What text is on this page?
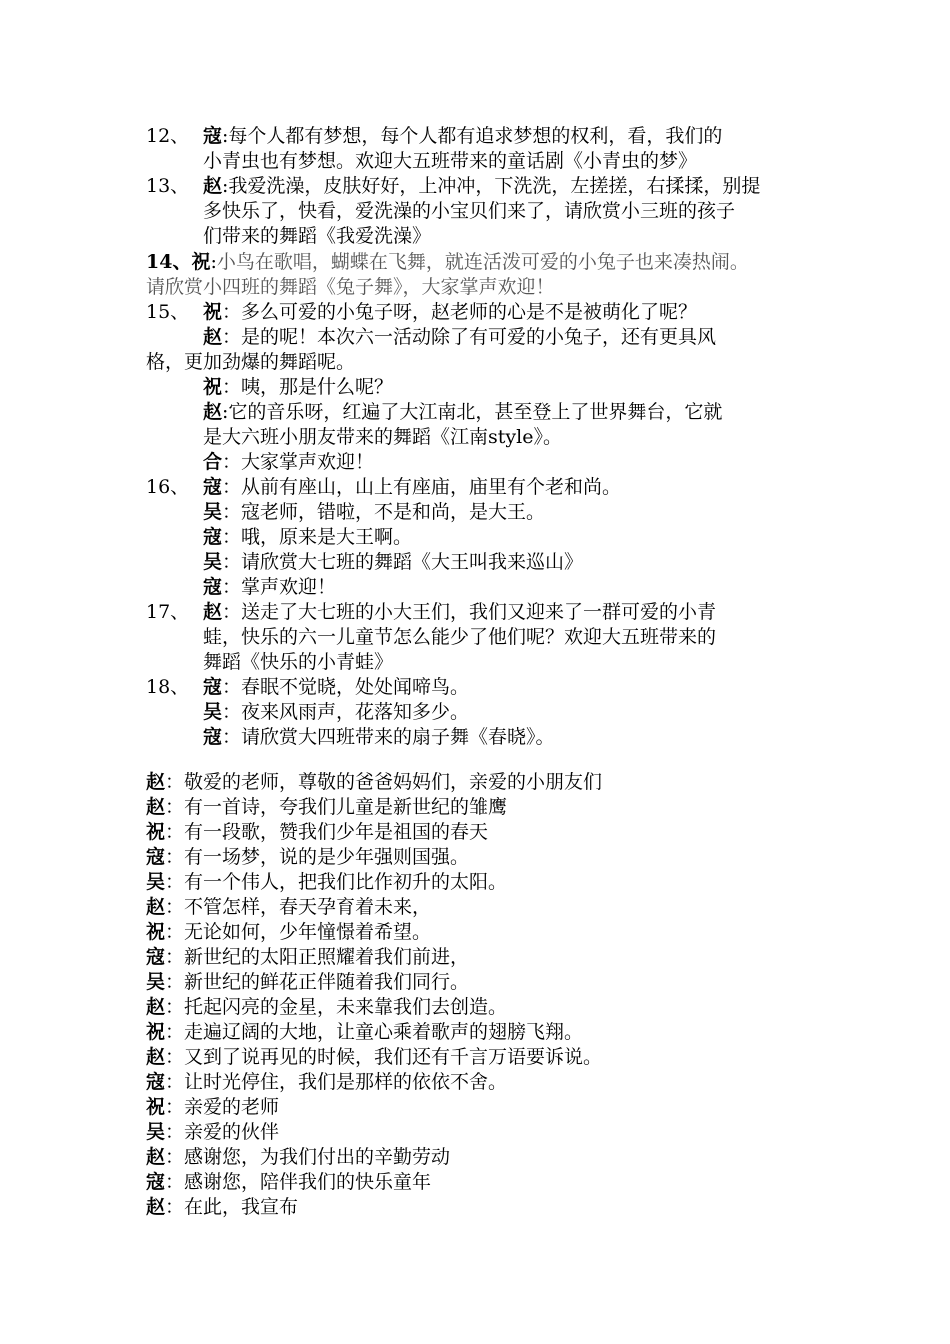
12、 寇:每个人都有梦想，每个人都有追求梦想的权利，看，我们的
小青虫也有梦想。欢迎大五班带来的童话剧《小青虫的梦》
13、 赵:我爱洗澡，皮肤好好，上冲冲，下洗洗，左搓搓，右揉揉，别提
多快乐了，快看，爱洗澡的小宝贝们来了，请欣赏小三班的孩子
们带来的舞蹈《我爱洗澡》
14、祝:小鸟在歌唱，蝴蝶在飞舞，就连活泼可爱的小兔子也来凑热闹。
请欣赏小四班的舞蹈《兔子舞》，大家掌声欢迎！
15、 祝：多么可爱的小兔子呀，赵老师的心是不是被萌化了呢？
赵：是的呢！本次六一活动除了有可爱的小兔子，还有更具风
格，更加劲爆的舞蹈呢。
祝：咦，那是什么呢？
赵:它的音乐呀，红遍了大江南北，甚至登上了世界舞台，它就
是大六班小朋友带来的舞蹈《江南style》。
合：大家掌声欢迎！
16、 寇：从前有座山，山上有座庙，庙里有个老和尚。
吴：寇老师，错啦，不是和尚，是大王。
寇：哦，原来是大王啊。
吴：请欣赏大七班的舞蹈《大王叫我来巡山》
寇：掌声欢迎！
17、 赵：送走了大七班的小大王们，我们又迎来了一群可爱的小青
蛙，快乐的六一儿童节怎么能少了他们呢？欢迎大五班带来的
舞蹈《快乐的小青蛙》
18、 寇：春眠不觉晓，处处闻啼鸟。
吴：夜来风雨声，花落知多少。
寇：请欣赏大四班带来的扇子舞《春晓》。
赵：敬爱的老师，尊敬的爸爸妈妈们，亲爱的小朋友们
赵：有一首诗，夸我们儿童是新世纪的雏鹰
祝：有一段歌，赞我们少年是祖国的春天
寇：有一场梦，说的是少年强则国强。
吴：有一个伟人，把我们比作初升的太阳。
赵：不管怎样，春天孕育着未来，
祝：无论如何，少年憧憬着希望。
寇：新世纪的太阳正照耀着我们前进，
吴：新世纪的鲜花正伴随着我们同行。
赵：托起闪亮的金星，未来靠我们去创造。
祝：走遍辽阔的大地，让童心乘着歌声的翅膀飞翔。
赵：又到了说再见的时候，我们还有千言万语要诉说。
寇：让时光停住，我们是那样的依依不舍。
祝：亲爱的老师
吴：亲爱的伙伴
赵：感谢您，为我们付出的辛勤劳动
寇：感谢您，陪伴我们的快乐童年
赵：在此，我宣布
